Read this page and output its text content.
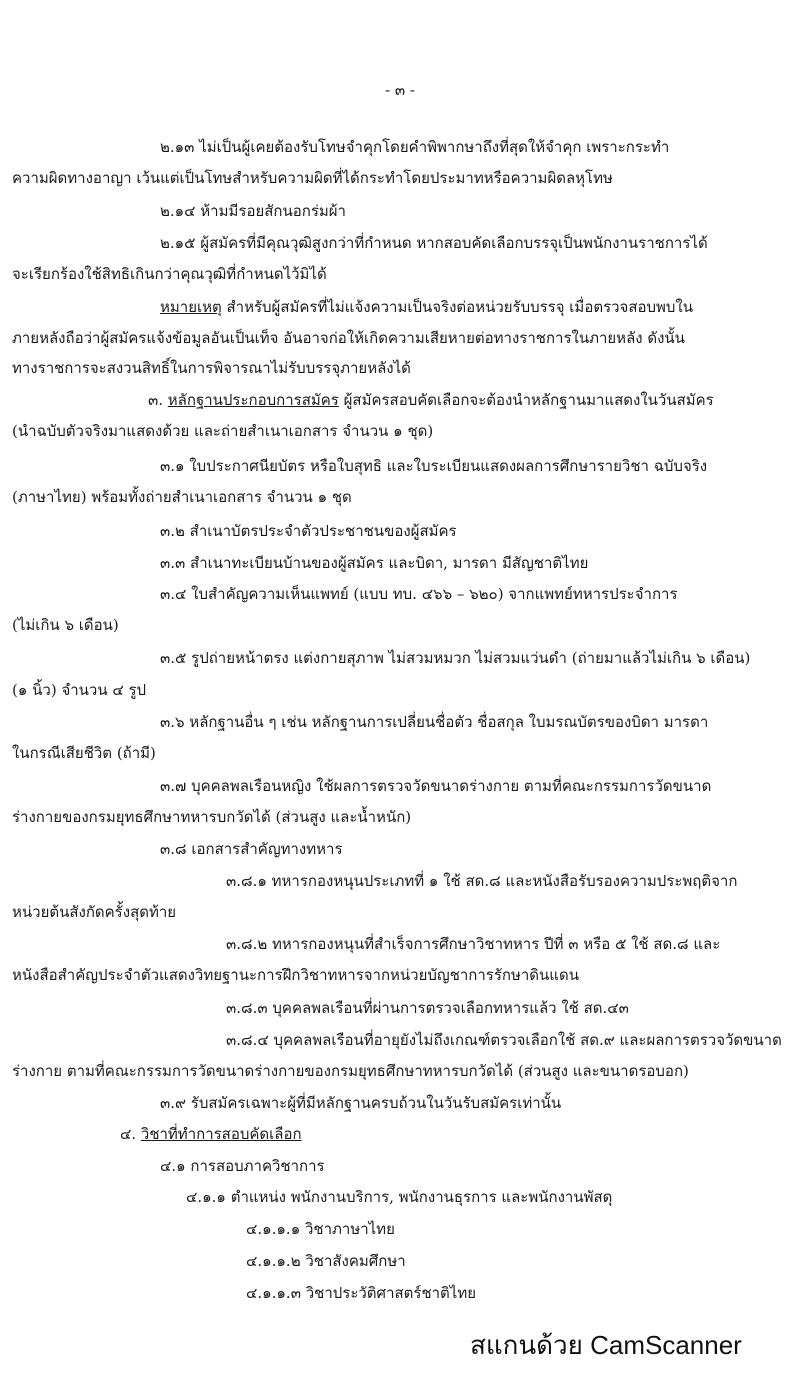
- ๓ -
๒.๑๓ ไม่เป็นผู้เคยต้องรับโทษจำคุกโดยคำพิพากษาถึงที่สุดให้จำคุก เพราะกระทำ
ความผิดทางอาญา เว้นแต่เป็นโทษสำหรับความผิดที่ได้กระทำโดยประมาทหรือความผิดลหุโทษ
๒.๑๔ ห้ามมีรอยสักนอกร่มผ้า
๒.๑๕ ผู้สมัครที่มีคุณวุฒิสูงกว่าที่กำหนด หากสอบคัดเลือกบรรจุเป็นพนักงานราชการได้
จะเรียกร้องใช้สิทธิเกินกว่าคุณวุฒิที่กำหนดไว้มิได้
หมายเหตุ สำหรับผู้สมัครที่ไม่แจ้งความเป็นจริงต่อหน่วยรับบรรจุ เมื่อตรวจสอบพบใน
ภายหลังถือว่าผู้สมัครแจ้งข้อมูลอันเป็นเท็จ อันอาจก่อให้เกิดความเสียหายต่อทางราชการในภายหลัง ดังนั้น
ทางราชการจะสงวนสิทธิ์ในการพิจารณาไม่รับบรรจุภายหลังได้
๓. หลักฐานประกอบการสมัคร ผู้สมัครสอบคัดเลือกจะต้องนำหลักฐานมาแสดงในวันสมัคร
(นำฉบับตัวจริงมาแสดงด้วย และถ่ายสำเนาเอกสาร จำนวน ๑ ชุด)
๓.๑ ใบประกาศนียบัตร หรือใบสุทธิ และใบระเบียนแสดงผลการศึกษารายวิชา ฉบับจริง
(ภาษาไทย) พร้อมทั้งถ่ายสำเนาเอกสาร จำนวน ๑ ชุด
๓.๒ สำเนาบัตรประจำตัวประชาชนของผู้สมัคร
๓.๓ สำเนาทะเบียนบ้านของผู้สมัคร และบิดา, มารดา มีสัญชาติไทย
๓.๔ ใบสำคัญความเห็นแพทย์ (แบบ ทบ. ๔๖๖ – ๖๒๐) จากแพทย์ทหารประจำการ
(ไม่เกิน ๖ เดือน)
๓.๕ รูปถ่ายหน้าตรง แต่งกายสุภาพ ไม่สวมหมวก ไม่สวมแว่นดำ (ถ่ายมาแล้วไม่เกิน ๖ เดือน)
(๑ นิ้ว) จำนวน ๔ รูป
๓.๖ หลักฐานอื่น ๆ เช่น หลักฐานการเปลี่ยนชื่อตัว ชื่อสกุล ใบมรณบัตรของบิดา มารดา
ในกรณีเสียชีวิต (ถ้ามี)
๓.๗ บุคคลพลเรือนหญิง ใช้ผลการตรวจวัดขนาดร่างกาย ตามที่คณะกรรมการวัดขนาด
ร่างกายของกรมยุทธศึกษาทหารบกวัดได้ (ส่วนสูง และน้ำหนัก)
๓.๘ เอกสารสำคัญทางทหาร
๓.๘.๑ ทหารกองหนุนประเภทที่ ๑ ใช้ สด.๘ และหนังสือรับรองความประพฤติจาก
หน่วยต้นสังกัดครั้งสุดท้าย
๓.๘.๒ ทหารกองหนุนที่สำเร็จการศึกษาวิชาทหาร ปีที่ ๓ หรือ ๕ ใช้ สด.๘ และ
หนังสือสำคัญประจำตัวแสดงวิทยฐานะการฝึกวิชาทหารจากหน่วยบัญชาการรักษาดินแดน
๓.๘.๓ บุคคลพลเรือนที่ผ่านการตรวจเลือกทหารแล้ว ใช้ สด.๔๓
๓.๘.๔ บุคคลพลเรือนที่อายุยังไม่ถึงเกณฑ์ตรวจเลือกใช้ สด.๙ และผลการตรวจวัดขนาด
ร่างกาย ตามที่คณะกรรมการวัดขนาดร่างกายของกรมยุทธศึกษาทหารบกวัดได้ (ส่วนสูง และขนาดรอบอก)
๓.๙ รับสมัครเฉพาะผู้ที่มีหลักฐานครบถ้วนในวันรับสมัครเท่านั้น
๔. วิชาที่ทำการสอบคัดเลือก
๔.๑ การสอบภาควิชาการ
๔.๑.๑ ตำแหน่ง พนักงานบริการ, พนักงานธุรการ และพนักงานพัสดุ
๔.๑.๑.๑ วิชาภาษาไทย
๔.๑.๑.๒ วิชาสังคมศึกษา
๔.๑.๑.๓ วิชาประวัติศาสตร์ชาติไทย
สแกนด้วย CamScanner
